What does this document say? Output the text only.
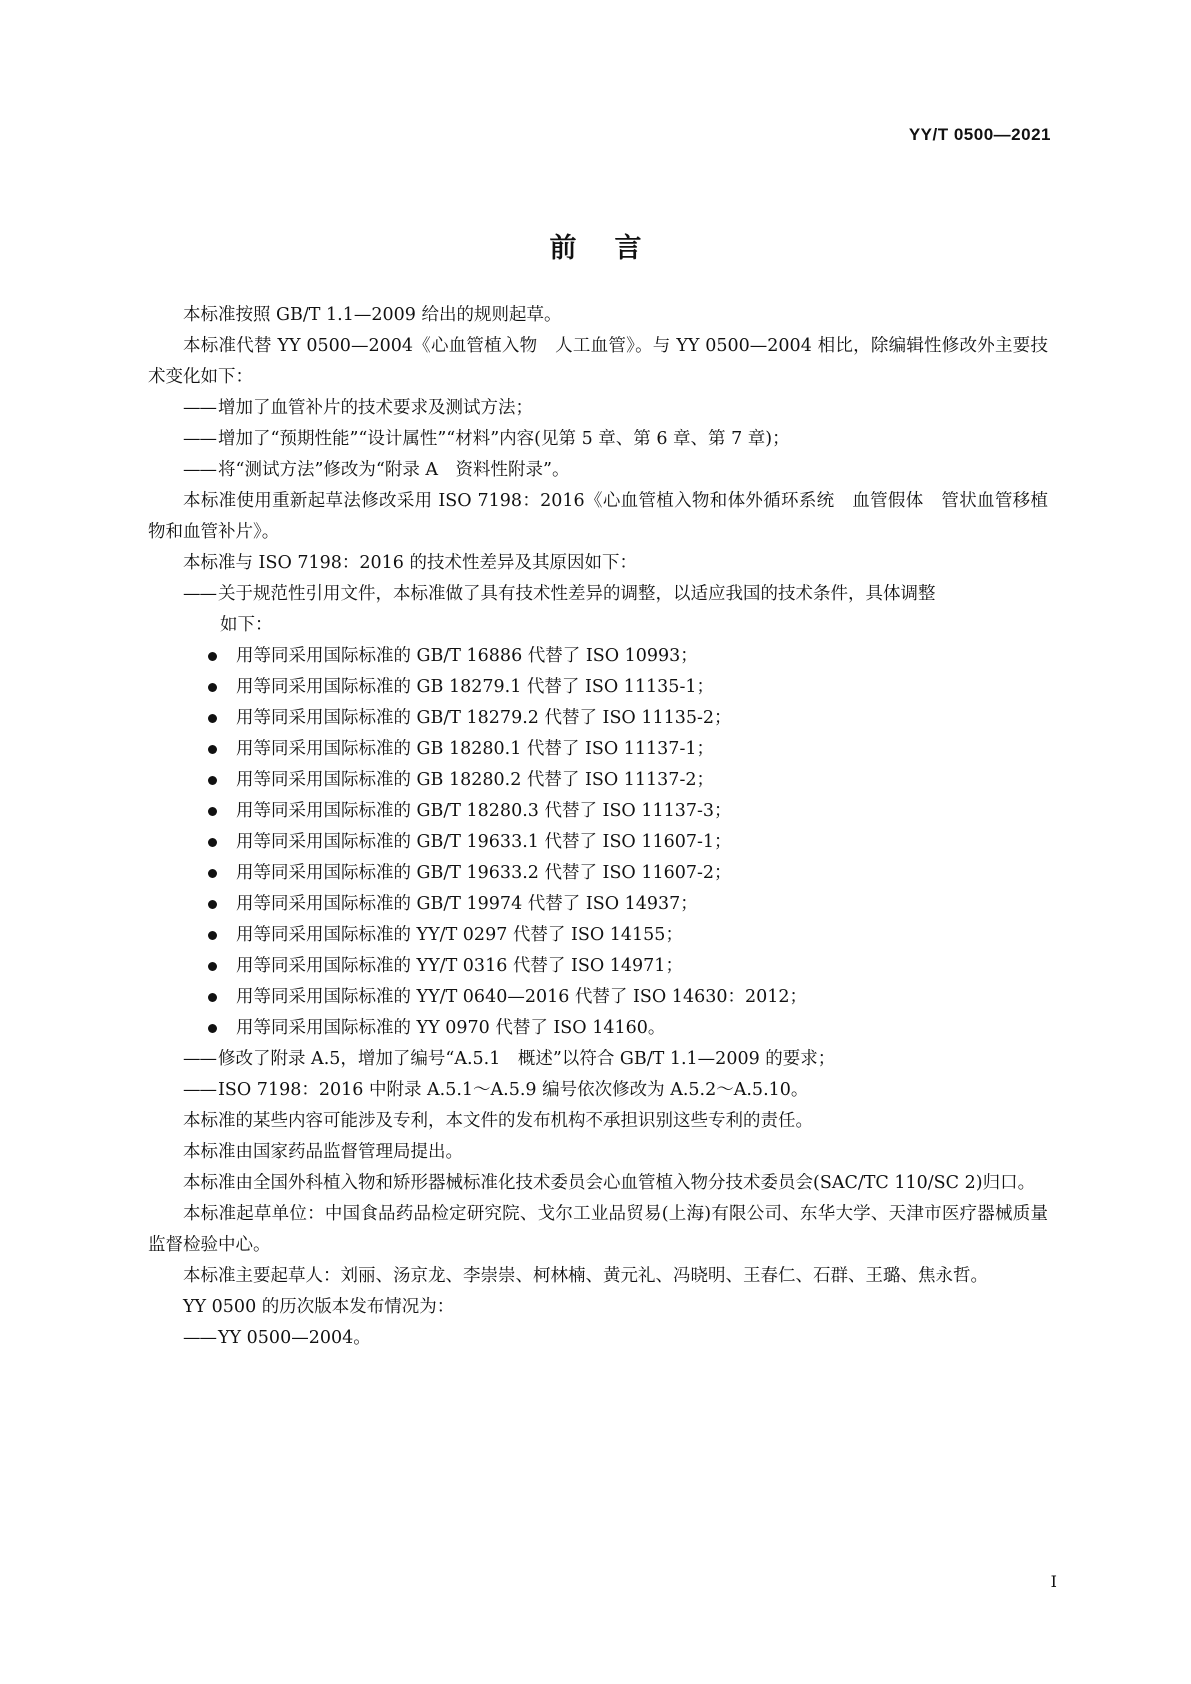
YY/T 0500—2021
前言

本标准按照 GB/T 1.1—2009 给出的规则起草。

本标准代替 YY 0500—2004《心血管植入物　人工血管》。与 YY 0500—2004 相比，除编辑性修改外主要技术变化如下：

—— 增加了血管补片的技术要求及测试方法；

—— 增加了“预期性能”“设计属性”“材料”内容(见第 5 章、第 6 章、第 7 章)；

—— 将“测试方法”修改为“附录 A　资料性附录”。

本标准使用重新起草法修改采用 ISO 7198：2016《心血管植入物和体外循环系统　血管假体　管状血管移植物和血管补片》。

本标准与 ISO 7198：2016 的技术性差异及其原因如下：

—— 关于规范性引用文件，本标准做了具有技术性差异的调整，以适应我国的技术条件，具体调整

如下：

用等同采用国际标准的 GB/T 16886 代替了 ISO 10993；
用等同采用国际标准的 GB 18279.1 代替了 ISO 11135-1；
用等同采用国际标准的 GB/T 18279.2 代替了 ISO 11135-2；
用等同采用国际标准的 GB 18280.1 代替了 ISO 11137-1；
用等同采用国际标准的 GB 18280.2 代替了 ISO 11137-2；
用等同采用国际标准的 GB/T 18280.3 代替了 ISO 11137-3；
用等同采用国际标准的 GB/T 19633.1 代替了 ISO 11607-1；
用等同采用国际标准的 GB/T 19633.2 代替了 ISO 11607-2；
用等同采用国际标准的 GB/T 19974 代替了 ISO 14937；
用等同采用国际标准的 YY/T 0297 代替了 ISO 14155；
用等同采用国际标准的 YY/T 0316 代替了 ISO 14971；
用等同采用国际标准的 YY/T 0640—2016 代替了 ISO 14630：2012；
用等同采用国际标准的 YY 0970 代替了 ISO 14160。

—— 修改了附录 A.5，增加了编号“A.5.1　概述”以符合 GB/T 1.1—2009 的要求；

—— ISO 7198：2016 中附录 A.5.1～A.5.9 编号依次修改为 A.5.2～A.5.10。

本标准的某些内容可能涉及专利，本文件的发布机构不承担识别这些专利的责任。

本标准由国家药品监督管理局提出。

本标准由全国外科植入物和矫形器械标准化技术委员会心血管植入物分技术委员会(SAC/TC 110/SC 2)归口。

本标准起草单位：中国食品药品检定研究院、戈尔工业品贸易(上海)有限公司、东华大学、天津市医疗器械质量监督检验中心。

本标准主要起草人：刘丽、汤京龙、李崇崇、柯林楠、黄元礼、冯晓明、王春仁、石群、王璐、焦永哲。

YY 0500 的历次版本发布情况为：

—— YY 0500—2004。

I
